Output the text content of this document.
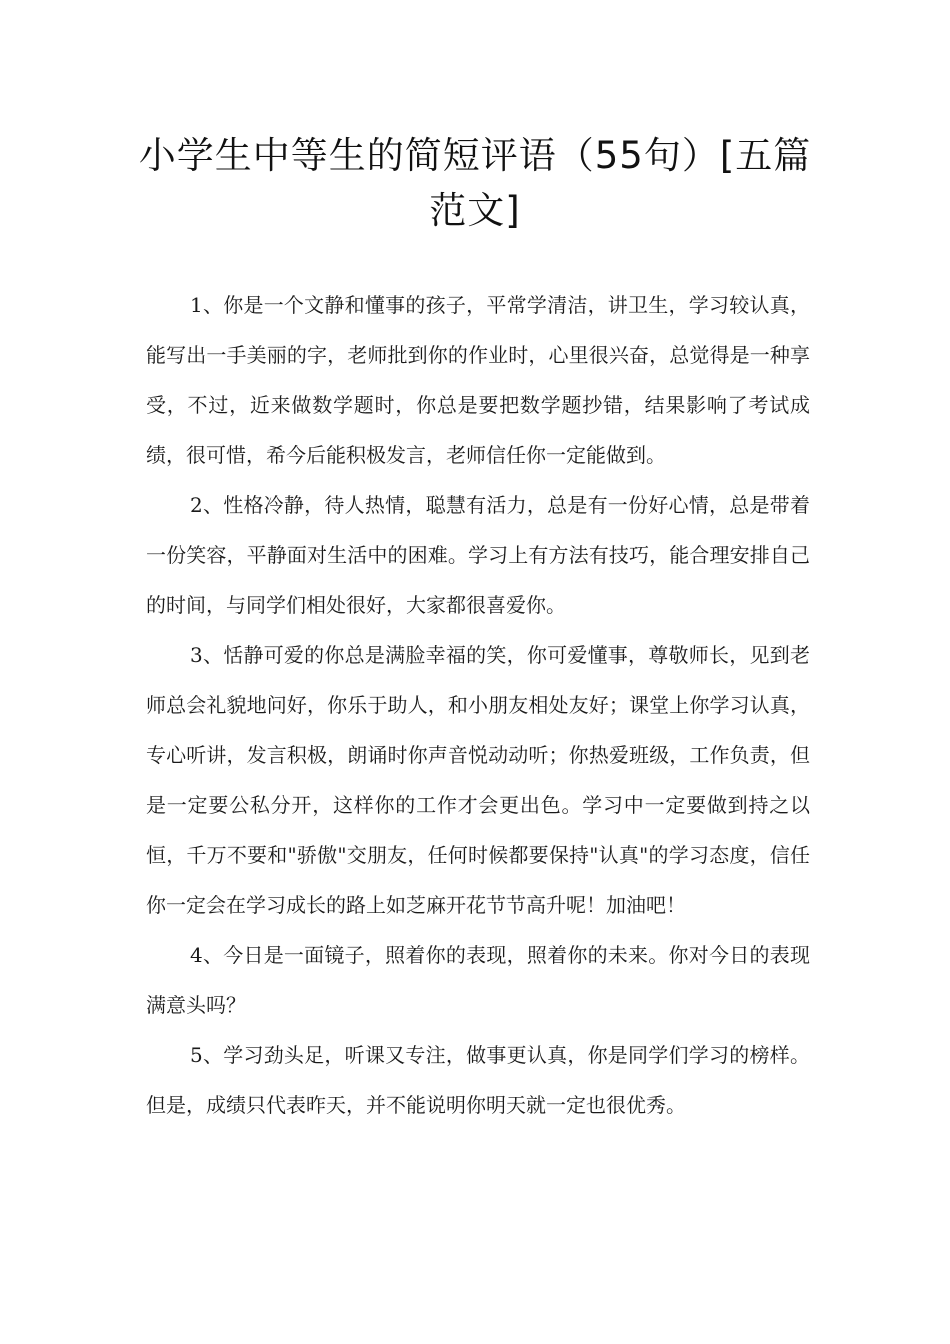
小学生中等生的简短评语（55句）[五篇范文]

1、你是一个文静和懂事的孩子，平常学清洁，讲卫生，学习较认真，能写出一手美丽的字，老师批到你的作业时，心里很兴奋，总觉得是一种享受，不过，近来做数学题时，你总是要把数学题抄错，结果影响了考试成绩，很可惜，希今后能积极发言，老师信任你一定能做到。

2、性格冷静，待人热情，聪慧有活力，总是有一份好心情，总是带着一份笑容，平静面对生活中的困难。学习上有方法有技巧，能合理安排自己的时间，与同学们相处很好，大家都很喜爱你。

3、恬静可爱的你总是满脸幸福的笑，你可爱懂事，尊敬师长，见到老师总会礼貌地问好，你乐于助人，和小朋友相处友好；课堂上你学习认真，专心听讲，发言积极，朗诵时你声音悦动动听；你热爱班级，工作负责，但是一定要公私分开，这样你的工作才会更出色。学习中一定要做到持之以恒，千万不要和"骄傲"交朋友，任何时候都要保持"认真"的学习态度，信任你一定会在学习成长的路上如芝麻开花节节高升呢！加油吧！

4、今日是一面镜子，照着你的表现，照着你的未来。你对今日的表现满意头吗？

5、学习劲头足，听课又专注，做事更认真，你是同学们学习的榜样。但是，成绩只代表昨天，并不能说明你明天就一定也很优秀。
